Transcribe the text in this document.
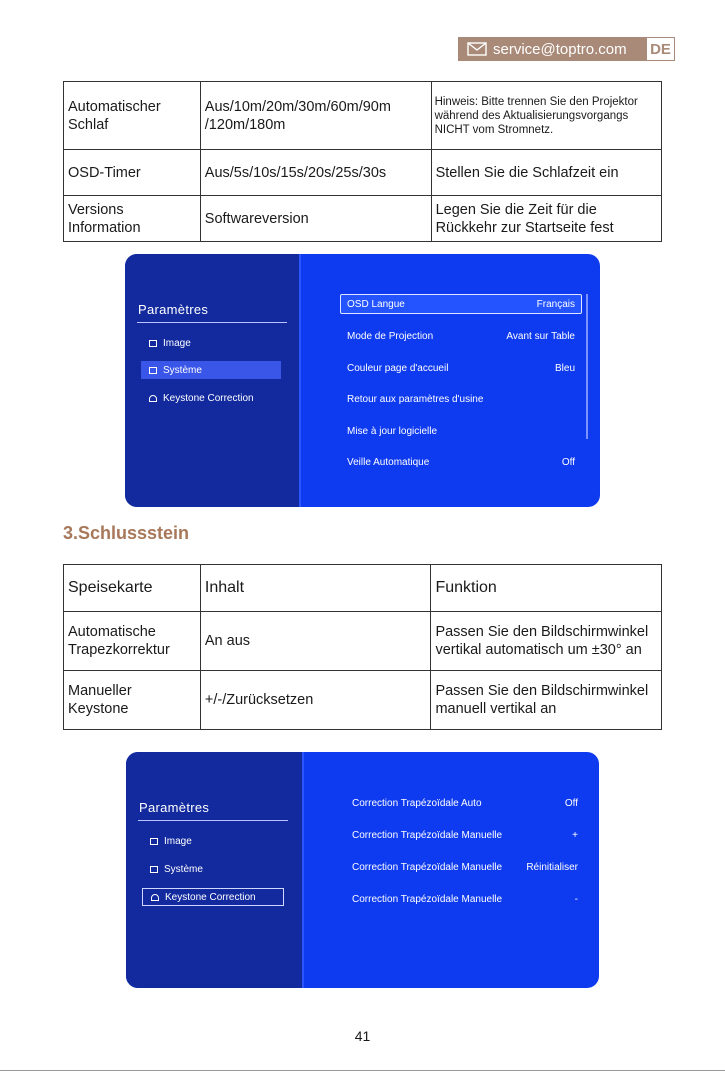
service@toptro.com DE
Automatischer Schlaf	Aus/10m/20m/30m/60m/90m /120m/180m	Hinweis: Bitte trennen Sie den Projektor während des Aktualisierungsvorgangs NICHT vom Stromnetz.
OSD-Timer	Aus/5s/10s/15s/20s/25s/30s	Stellen Sie die Schlafzeit ein
Versions Information	Softwareversion	Legen Sie die Zeit für die Rückkehr zur Startseite fest
Paramètres
Image
Système
Keystone Correction
OSD Langue	Français
Mode de Projection	Avant sur Table
Couleur page d'accueil	Bleu
Retour aux paramètres d'usine
Mise à jour logicielle
Veille Automatique	Off
3.Schlussstein
Speisekarte	Inhalt	Funktion
Automatische Trapezkorrektur	An aus	Passen Sie den Bildschirmwinkel vertikal automatisch um ±30° an
Manueller Keystone	+/-/Zurücksetzen	Passen Sie den Bildschirmwinkel manuell vertikal an
Paramètres
Image
Système
Keystone Correction
Correction Trapézoïdale Auto	Off
Correction Trapézoïdale Manuelle	+
Correction Trapézoïdale Manuelle Réinitialiser
Correction Trapézoïdale Manuelle	-
41
